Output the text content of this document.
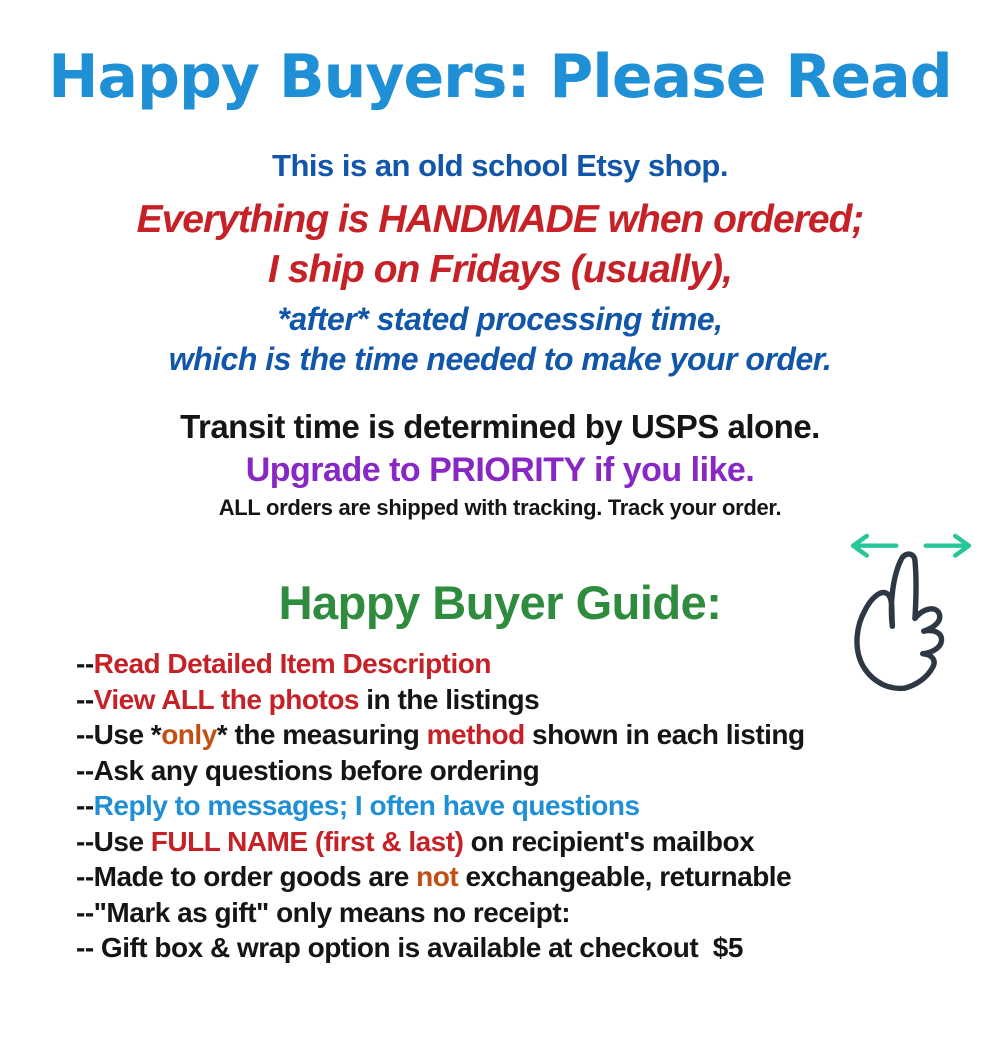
Happy Buyers: Please Read
This is an old school Etsy shop.
Everything is HANDMADE when ordered;
I ship on Fridays (usually),
*after* stated processing time,
which is the time needed to make your order.
Transit time is determined by USPS alone.
Upgrade to PRIORITY if you like.
ALL orders are shipped with tracking. Track your order.
Happy Buyer Guide:
--Read Detailed Item Description
--View ALL the photos in the listings
--Use *only* the measuring method shown in each listing
--Ask any questions before ordering
--Reply to messages; I often have questions
--Use FULL NAME (first & last) on recipient's mailbox
--Made to order goods are not exchangeable, returnable
--"Mark as gift" only means no receipt:
-- Gift box & wrap option is available at checkout  $5
